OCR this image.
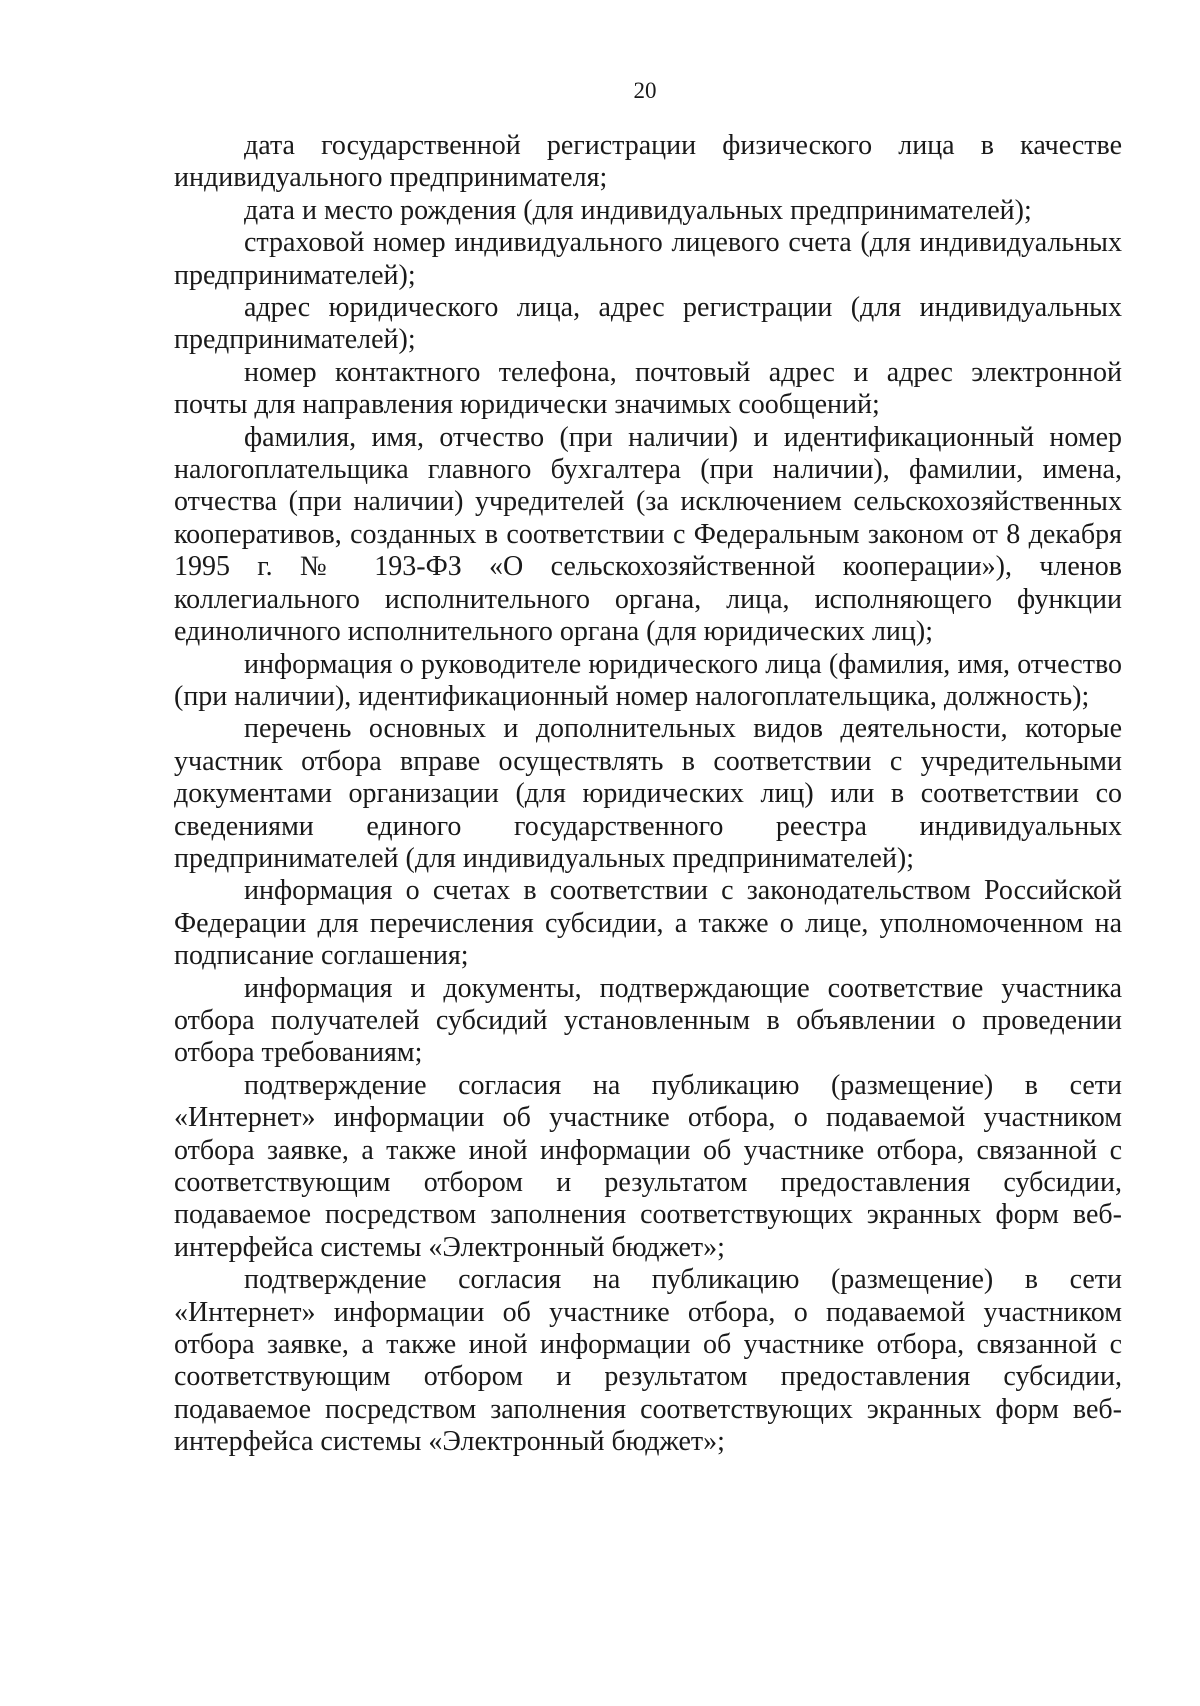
20

дата государственной регистрации физического лица в качестве индивидуального предпринимателя;

дата и место рождения (для индивидуальных предпринимателей);

страховой номер индивидуального лицевого счета (для индивидуальных предпринимателей);

адрес юридического лица, адрес регистрации (для индивидуальных предпринимателей);

номер контактного телефона, почтовый адрес и адрес электронной почты для направления юридически значимых сообщений;

фамилия, имя, отчество (при наличии) и идентификационный номер налогоплательщика главного бухгалтера (при наличии), фамилии, имена, отчества (при наличии) учредителей (за исключением сельскохозяйственных кооперативов, созданных в соответствии с Федеральным законом от 8 декабря 1995 г. № 193-ФЗ «О сельскохозяйственной кооперации»), членов коллегиального исполнительного органа, лица, исполняющего функции единоличного исполнительного органа (для юридических лиц);

информация о руководителе юридического лица (фамилия, имя, отчество (при наличии), идентификационный номер налогоплательщика, должность);

перечень основных и дополнительных видов деятельности, которые участник отбора вправе осуществлять в соответствии с учредительными документами организации (для юридических лиц) или в соответствии со сведениями единого государственного реестра индивидуальных предпринимателей (для индивидуальных предпринимателей);

информация о счетах в соответствии с законодательством Российской Федерации для перечисления субсидии, а также о лице, уполномоченном на подписание соглашения;

информация и документы, подтверждающие соответствие участника отбора получателей субсидий установленным в объявлении о проведении отбора требованиям;

подтверждение согласия на публикацию (размещение) в сети «Интернет» информации об участнике отбора, о подаваемой участником отбора заявке, а также иной информации об участнике отбора, связанной с соответствующим отбором и результатом предоставления субсидии, подаваемое посредством заполнения соответствующих экранных форм веб-интерфейса системы «Электронный бюджет»;

подтверждение согласия на публикацию (размещение) в сети «Интернет» информации об участнике отбора, о подаваемой участником отбора заявке, а также иной информации об участнике отбора, связанной с соответствующим отбором и результатом предоставления субсидии, подаваемое посредством заполнения соответствующих экранных форм веб-интерфейса системы «Электронный бюджет»;
